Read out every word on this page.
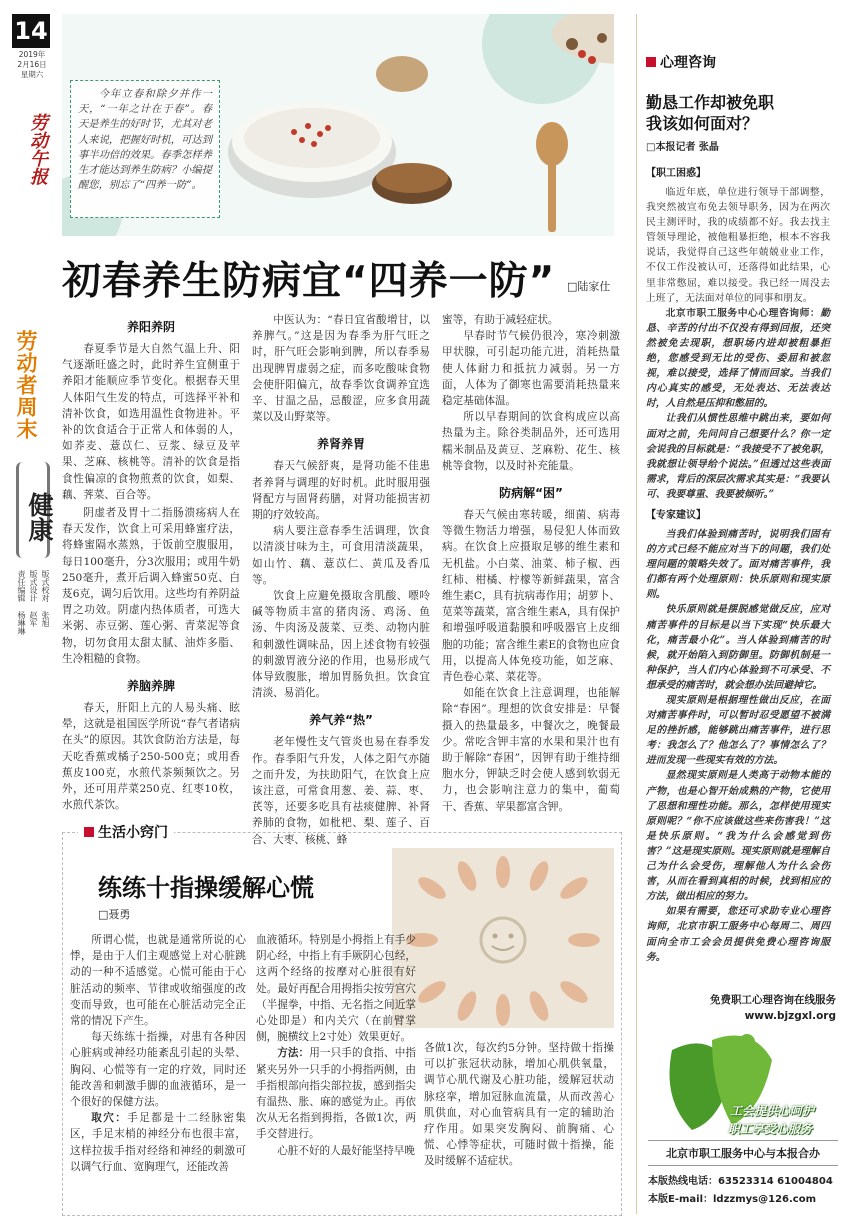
14
2019年
2月16日
星期六
劳动午报
版式校对 张旭
版式设计 赵军
责任编辑 杨琳琳
劳动者周末
健康
今年立春和除夕并作一天，“一年之计在于春”。春天是养生的好时节，尤其对老人来说，把握好时机，可达到事半功倍的效果。春季怎样养生才能达到养生防病？小编提醒您，别忘了“四养一防”。
初春养生防病宜“四养一防”	□陆家仕
养阳养阴
春夏季节是大自然气温上升、阳气逐渐旺盛之时，此时养生宜侧重于养阳才能顺应季节变化。根据春天里人体阳气生发的特点，可选择平补和清补饮食，如选用温性食物进补。平补的饮食适合于正常人和体弱的人，如荞麦、薏苡仁、豆浆、绿豆及苹果、芝麻、核桃等。清补的饮食是指食性偏凉的食物煎煮的饮食，如梨、藕、荠菜、百合等。
阴虚者及胃十二指肠溃疡病人在春天发作，饮食上可采用蜂蜜疗法，将蜂蜜隔水蒸熟，于饭前空腹服用，每日100毫升，分3次服用；或用牛奶250毫升，煮开后调入蜂蜜50克、白芨6克，调匀后饮用。这些均有养阴益胃之功效。阴虚内热体质者，可选大米粥、赤豆粥、莲心粥、青菜泥等食物，切勿食用太甜太腻、油炸多脂、生冷粗糙的食物。
养脑养脾
春天，肝阳上亢的人易头痛、眩晕，这就是祖国医学所说“春气者诸病在头”的原因。其饮食防治方法是，每天吃香蕉或橘子250-500克；或用香蕉皮100克，水煎代茶频频饮之。另外，还可用芹菜250克、红枣10枚，水煎代茶饮。
中医认为：“春日宜省酸增甘，以养脾气。”这是因为春季为肝气旺之时，肝气旺会影响到脾，所以春季易出现脾胃虚弱之症，而多吃酸味食物会使肝阳偏亢，故春季饮食调养宜选辛、甘温之品，忌酸涩，应多食用蔬菜以及山野菜等。
养肾养胃
春天气候舒爽，是肾功能不佳患者养肾与调理的好时机。此时服用强肾配方与固肾药膳，对肾功能损害初期的疗效较高。
病人要注意春季生活调理，饮食以清淡甘味为主，可食用清淡蔬果，如山竹、藕、薏苡仁、黄瓜及香瓜等。
饮食上应避免摄取含肌酸、嘌呤碱等物质丰富的猪肉汤、鸡汤、鱼汤、牛肉汤及菠菜、豆类、动物内脏和刺激性调味品，因上述食物有较强的刺激胃液分泌的作用，也易形成气体导致腹胀，增加胃肠负担。饮食宜清淡、易消化。
养气养“热”
老年慢性支气管炎也易在春季发作。春季阳气升发，人体之阳气亦随之而升发，为扶助阳气，在饮食上应该注意，可常食用葱、姜、蒜、枣、芪等，还要多吃具有祛痰健脾、补肾养肺的食物，如枇杷、梨、莲子、百合、大枣、核桃、蜂
蜜等，有助于减轻症状。
早春时节气候仍很冷，寒冷刺激甲状腺，可引起功能亢进，消耗热量使人体耐力和抵抗力减弱。另一方面，人体为了御寒也需要消耗热量来稳定基础体温。
所以早春期间的饮食构成应以高热量为主。除谷类制品外，还可选用糯米制品及黄豆、芝麻粉、花生、核桃等食物，以及时补充能量。
防病解“困”
春天气候由寒转暖，细菌、病毒等微生物活力增强，易侵犯人体而致病。在饮食上应摄取足够的维生素和无机盐。小白菜、油菜、柿子椒、西红柿、柑橘、柠檬等新鲜蔬果，富含维生素C，具有抗病毒作用；胡萝卜、苋菜等蔬菜，富含维生素A，具有保护和增强呼吸道黏膜和呼吸器官上皮细胞的功能；富含维生素E的食物也应食用，以提高人体免疫功能，如芝麻、青色卷心菜、菜花等。
如能在饮食上注意调理，也能解除“春困”。理想的饮食安排是：早餐摄入的热量最多，中餐次之，晚餐最少。常吃含钾丰富的水果和果汁也有助于解除“春困”，因钾有助于维持细胞水分，钾缺乏时会使人感到软弱无力，也会影响注意力的集中，葡萄干、香蕉、苹果都富含钾。
生活小窍门
练练十指操缓解心慌
□聂勇
所谓心慌，也就是通常所说的心悸，是由于人们主观感觉上对心脏跳动的一种不适感觉。心慌可能由于心脏活动的频率、节律或收缩强度的改变而导致，也可能在心脏活动完全正常的情况下产生。
每天练练十指操，对患有各种因心脏病或神经功能紊乱引起的头晕、胸闷、心慌等有一定的疗效，同时还能改善和刺激手脚的血液循环，是一个很好的保健方法。
取穴：手足都是十二经脉密集区，手足末梢的神经分布也很丰富，这样拉拔手指对经络和神经的刺激可以调气行血、宽胸理气，还能改善
血液循环。特别是小拇指上有手少阴心经，中指上有手厥阴心包经，这两个经络的按摩对心脏很有好处。最好再配合用拇指尖按劳宫穴（半握拳，中指、无名指之间近掌心处即是）和内关穴（在前臂掌侧，腕横纹上2寸处）效果更好。
方法：用一只手的食指、中指紧夹另外一只手的小拇指两侧，由手指根部向指尖部拉拔，感到指尖有温热、胀、麻的感觉为止。再依次从无名指到拇指，各做1次，两手交替进行。
心脏不好的人最好能坚持早晚
各做1次，每次约5分钟。坚持做十指操可以扩张冠状动脉，增加心肌供氧量，调节心肌代谢及心脏功能，缓解冠状动脉痉挛，增加冠脉血流量，从而改善心肌供血，对心血管病具有一定的辅助治疗作用。如果突发胸闷、前胸痛、心慌、心悸等症状，可随时做十指操，能及时缓解不适症状。
心理咨询
勤恳工作却被免职
我该如何面对？
□本报记者 张晶
【职工困惑】
临近年底，单位进行领导干部调整，我突然被宣布免去领导职务，因为在两次民主测评时，我的成绩都不好。我去找主管领导理论，被他粗暴拒绝，根本不容我说话，我觉得自己这些年兢兢业业工作，不仅工作没被认可，还落得如此结果，心里非常憋屈，难以接受。我已经一周没去上班了，无法面对单位的同事和朋友。
北京市职工服务中心心理咨询师：勤恳、辛苦的付出不仅没有得到回报，还突然被免去现职，想职场内进却被粗暴拒绝，您感受到无比的受伤、委屈和被忽视，难以接受，选择了情而回家。当我们内心真实的感受，无处表达、无法表达时，人自然是压抑和憋屈的。
让我们从惯性思维中跳出来，要如何面对之前，先问问自己想要什么？你一定会说我的目标就是：“我接受不了被免职，我就想让领导给个说法。”但透过这些表面需求，背后的深层次需求其实是：“我要认可、我要尊重、我要被倾听。”
【专家建议】
当我们体验到痛苦时，说明我们固有的方式已经不能应对当下的问题，我们处理问题的策略失效了。面对痛苦事件，我们都有两个处理原则：快乐原则和现实原则。
快乐原则就是摆脱感觉做反应，应对痛苦事件的目标是以当下实现“快乐最大化，痛苦最小化”。当人体验到痛苦的时候，就开始陷入到防御里。防御机制是一种保护，当人们内心体验到不可承受、不想承受的痛苦时，就会想办法回避掉它。
现实原则是根据理性做出反应，在面对痛苦事件时，可以暂时忍受愿望不被满足的挫折感，能够跳出痛苦事件，进行思考：我怎么了？他怎么了？事情怎么了？进而发现一些现实有效的方法。
显然现实原则是人类高于动物本能的产物，也是心智开始成熟的产物，它使用了思想和理性功能。那么，怎样使用现实原则呢？“你不应该做这些来伤害我！”这是快乐原则。“我为什么会感觉到伤害？”这是现实原则。现实原则就是理解自己为什么会受伤，理解他人为什么会伤害，从而在看到真相的时候，找到相应的方法，做出相应的努力。
如果有需要，您还可求助专业心理咨询师，北京市职工服务中心每周二、周四面向全市工会会员提供免费心理咨询服务。
免费职工心理咨询在线服务
www.bjzgxl.org
工会提供心呵护
职工享受心服务
北京市职工服务中心与本报合办
本版热线电话：63523314 61004804
本版E-mail：ldzzmys@126.com
